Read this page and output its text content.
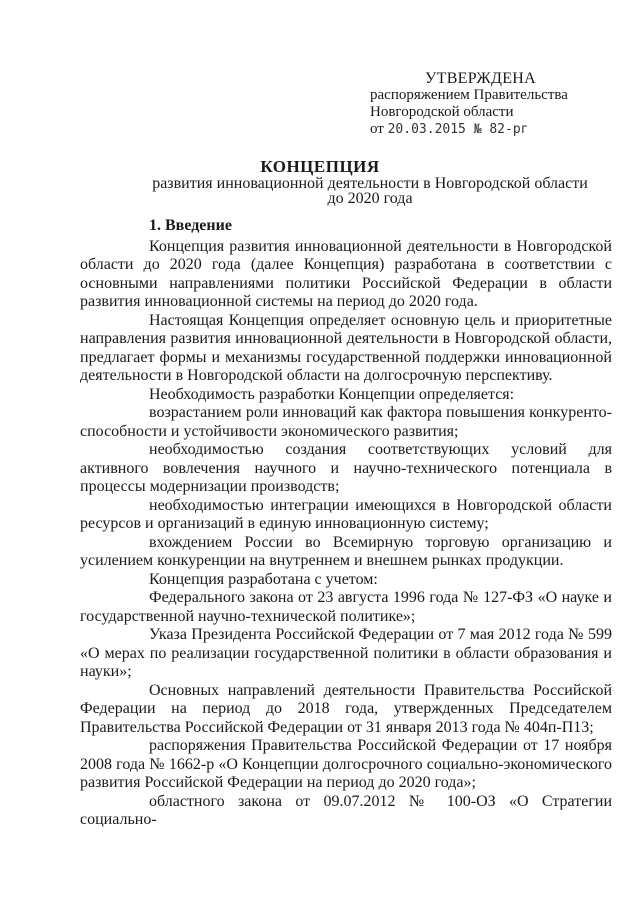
УТВЕРЖДЕНА
распоряжением Правительства
Новгородской области
от 20.03.2015 № 82-рг
КОНЦЕПЦИЯ
развития инновационной деятельности в Новгородской области
до 2020 года
1. Введение

Концепция развития инновационной деятельности в Новгородской области до 2020 года (далее Концепция) разработана в соответствии с основными направлениями политики Российской Федерации в области развития инновационной системы на период до 2020 года.

Настоящая Концепция определяет основную цель и приоритетные направления развития инновационной деятельности в Новгородской области, предлагает формы и механизмы государственной поддержки инновационной деятельности в Новгородской области на долгосрочную перспективу.

Необходимость разработки Концепции определяется:

возрастанием роли инноваций как фактора повышения конкуренто-способности и устойчивости экономического развития;

необходимостью создания соответствующих условий для активного вовлечения научного и научно-технического потенциала в процессы модернизации производств;

необходимостью интеграции имеющихся в Новгородской области ресурсов и организаций в единую инновационную систему;

вхождением России во Всемирную торговую организацию и усилением конкуренции на внутреннем и внешнем рынках продукции.

Концепция разработана с учетом:

Федерального закона от 23 августа 1996 года № 127-ФЗ «О науке и государственной научно-технической политике»;

Указа Президента Российской Федерации от 7 мая 2012 года № 599 «О мерах по реализации государственной политики в области образования и науки»;

Основных направлений деятельности Правительства Российской Федерации на период до 2018 года, утвержденных Председателем Правительства Российской Федерации от 31 января 2013 года № 404п-П13;

распоряжения Правительства Российской Федерации от 17 ноября 2008 года № 1662-р «О Концепции долгосрочного социально-экономического развития Российской Федерации на период до 2020 года»;

областного закона от 09.07.2012 № 100-ОЗ «О Стратегии социально-
